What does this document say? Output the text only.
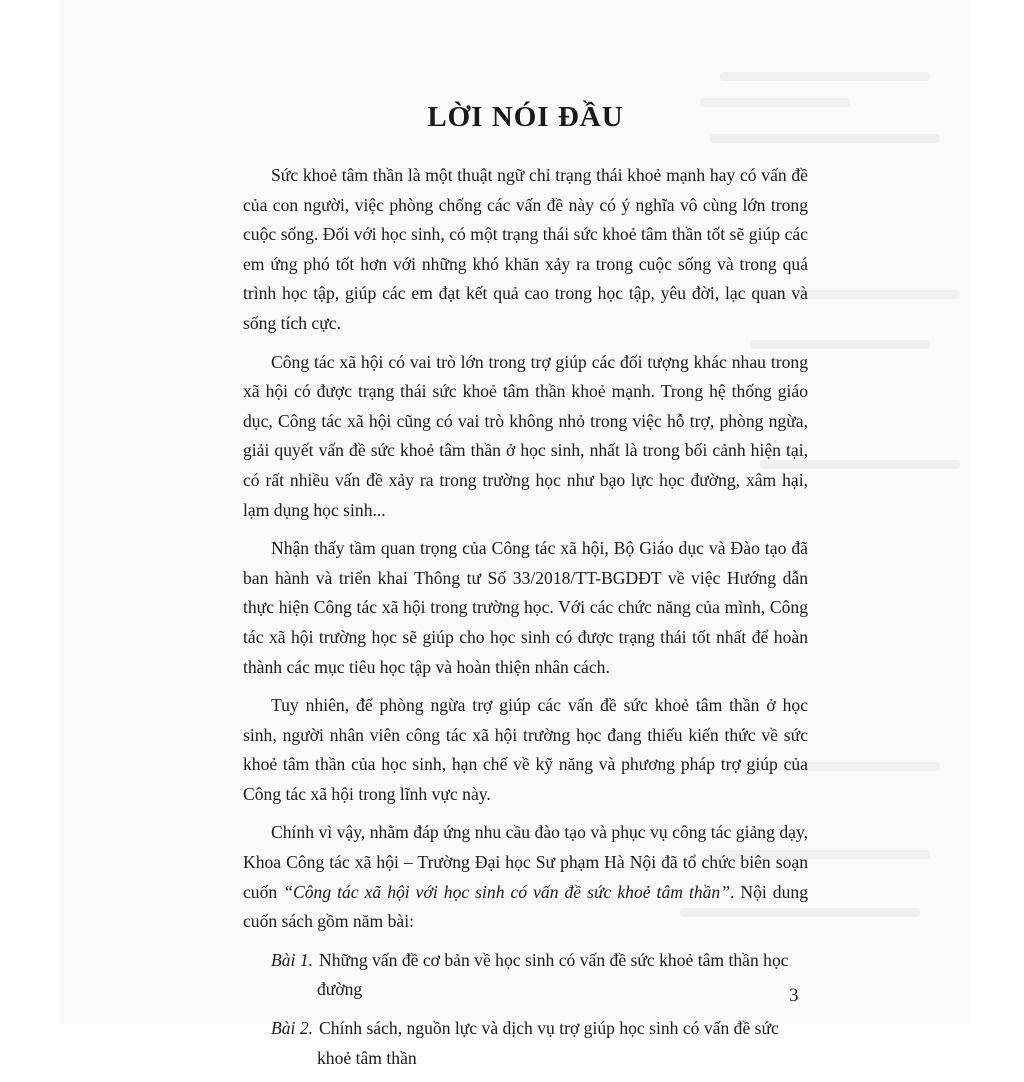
LỜI NÓI ĐẦU

Sức khoẻ tâm thần là một thuật ngữ chỉ trạng thái khoẻ mạnh hay có vấn đề của con người, việc phòng chống các vấn đề này có ý nghĩa vô cùng lớn trong cuộc sống. Đối với học sinh, có một trạng thái sức khoẻ tâm thần tốt sẽ giúp các em ứng phó tốt hơn với những khó khăn xảy ra trong cuộc sống và trong quá trình học tập, giúp các em đạt kết quả cao trong học tập, yêu đời, lạc quan và sống tích cực.

Công tác xã hội có vai trò lớn trong trợ giúp các đối tượng khác nhau trong xã hội có được trạng thái sức khoẻ tâm thần khoẻ mạnh. Trong hệ thống giáo dục, Công tác xã hội cũng có vai trò không nhỏ trong việc hỗ trợ, phòng ngừa, giải quyết vấn đề sức khoẻ tâm thần ở học sinh, nhất là trong bối cảnh hiện tại, có rất nhiều vấn đề xảy ra trong trường học như bạo lực học đường, xâm hại, lạm dụng học sinh...

Nhận thấy tầm quan trọng của Công tác xã hội, Bộ Giáo dục và Đào tạo đã ban hành và triển khai Thông tư Số 33/2018/TT-BGDĐT về việc Hướng dẫn thực hiện Công tác xã hội trong trường học. Với các chức năng của mình, Công tác xã hội trường học sẽ giúp cho học sinh có được trạng thái tốt nhất để hoàn thành các mục tiêu học tập và hoàn thiện nhân cách.

Tuy nhiên, để phòng ngừa trợ giúp các vấn đề sức khoẻ tâm thần ở học sinh, người nhân viên công tác xã hội trường học đang thiếu kiến thức về sức khoẻ tâm thần của học sinh, hạn chế về kỹ năng và phương pháp trợ giúp của Công tác xã hội trong lĩnh vực này.

Chính vì vậy, nhằm đáp ứng nhu cầu đào tạo và phục vụ công tác giảng dạy, Khoa Công tác xã hội – Trường Đại học Sư phạm Hà Nội đã tổ chức biên soạn cuốn “Công tác xã hội với học sinh có vấn đề sức khoẻ tâm thần”. Nội dung cuốn sách gồm năm bài:

Bài 1. Những vấn đề cơ bản về học sinh có vấn đề sức khoẻ tâm thần học đường
Bài 2. Chính sách, nguồn lực và dịch vụ trợ giúp học sinh có vấn đề sức khoẻ tâm thần
3
